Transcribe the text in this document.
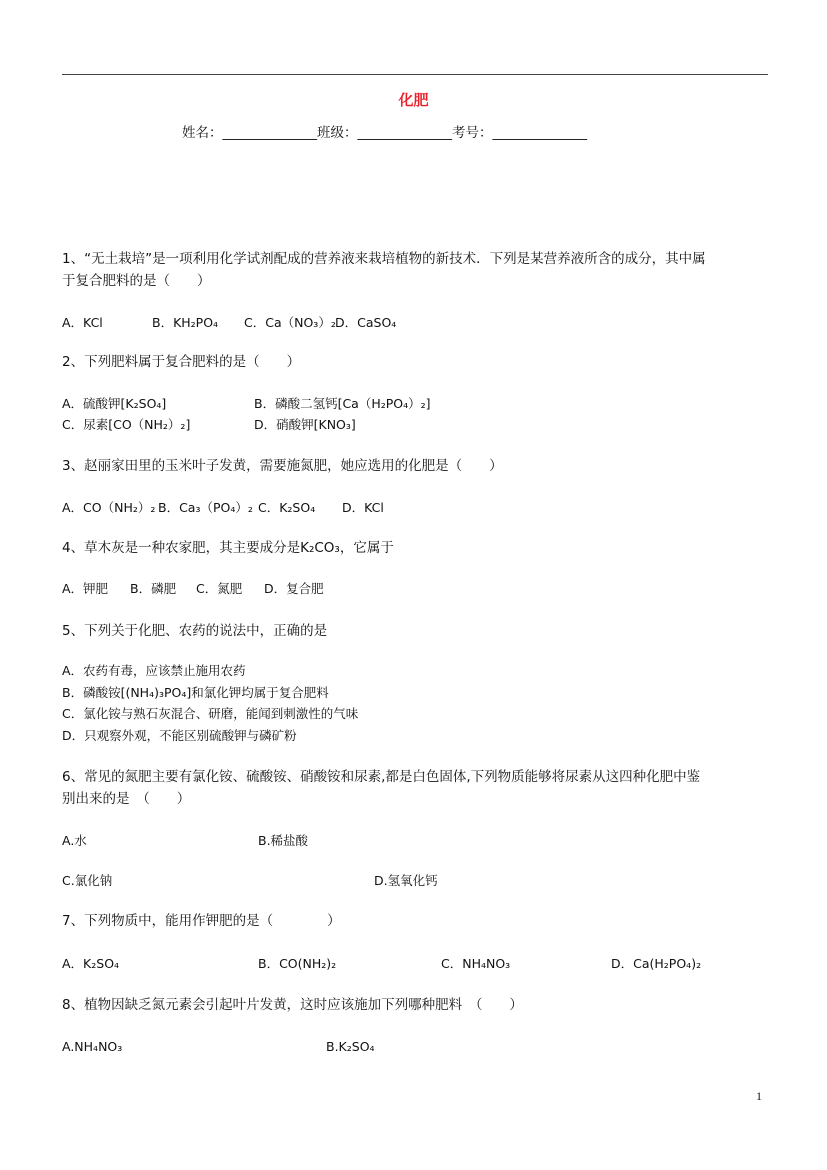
化肥
姓名：______________班级：______________考号：______________
1、“无土栽培”是一项利用化学试剂配成的营养液来栽培植物的新技术．下列是某营养液所含的成分，其中属
于复合肥料的是（　　）
A．KCl	B．KH₂PO₄ C．Ca（NO₃）₂ D．CaSO₄
2、下列肥料属于复合肥料的是（　　）
A．硫酸钾[K₂SO₄]	B．磷酸二氢钙[Ca（H₂PO₄）₂]
C．尿素[CO（NH₂）₂]	D．硝酸钾[KNO₃]
3、赵丽家田里的玉米叶子发黄，需要施氮肥，她应选用的化肥是（　　）
A．CO（NH₂）₂ B．Ca₃（PO₄）₂ C．K₂SO₄ D．KCl
4、草木灰是一种农家肥，其主要成分是K₂CO₃，它属于
A．钾肥 B．磷肥 C．氮肥 D．复合肥
5、下列关于化肥、农药的说法中，正确的是
A．农药有毒，应该禁止施用农药
B．磷酸铵[(NH₄)₃PO₄]和氯化钾均属于复合肥料
C．氯化铵与熟石灰混合、研磨，能闻到刺激性的气味
D．只观察外观，不能区别硫酸钾与磷矿粉
6、常见的氮肥主要有氯化铵、硫酸铵、硝酸铵和尿素,都是白色固体,下列物质能够将尿素从这四种化肥中鉴
别出来的是　（　　）
A.水	B.稀盐酸
C.氯化钠	D.氢氧化钙
7、下列物质中，能用作钾肥的是（　　　　）
A．K₂SO₄	B．CO(NH₂)₂	C．NH₄NO₃	D．Ca(H₂PO₄)₂
8、植物因缺乏氮元素会引起叶片发黄，这时应该施加下列哪种肥料　（　　）
A.NH₄NO₃	B.K₂SO₄
1
